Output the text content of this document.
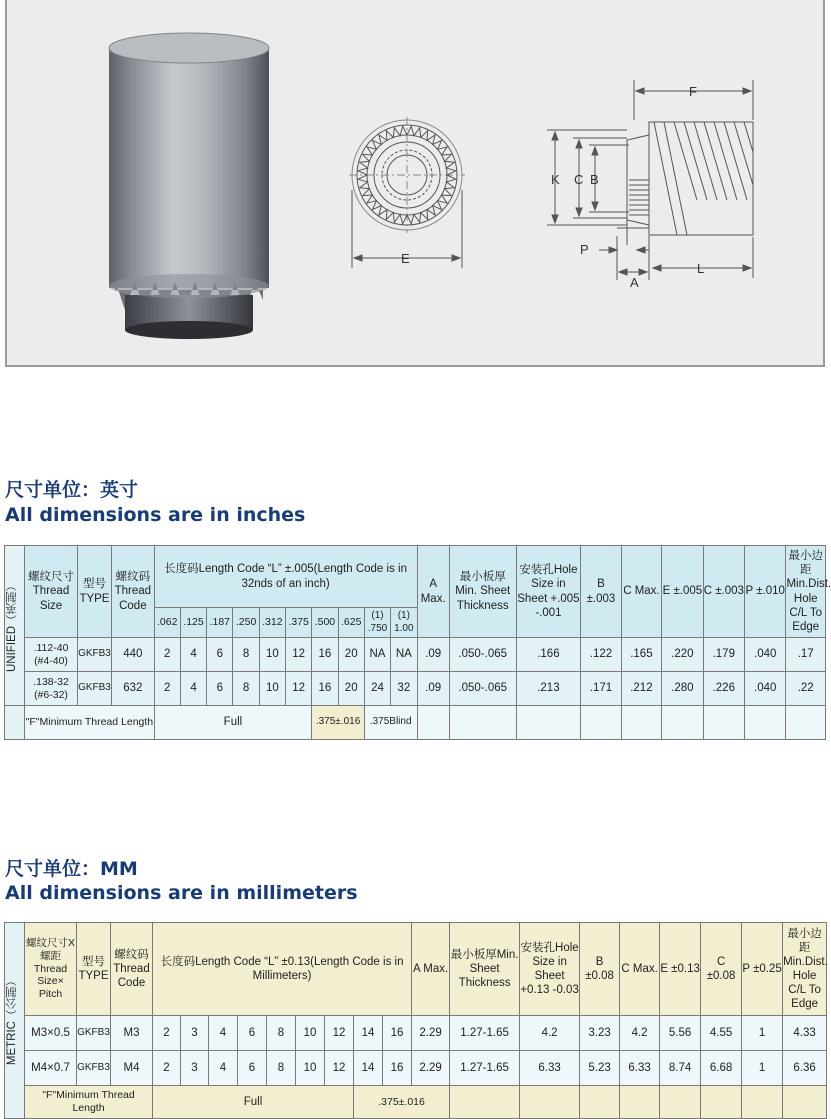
E
F
K C B
P
A
L
尺寸单位：英寸
All dimensions are in inches
UNIFIED（英制）	螺纹尺寸Thread Size	型号TYPE	螺纹码Thread Code	长度码Length Code “L” ±.005(Length Code is in 32nds of an inch)										A Max.	最小板厚Min. Sheet Thickness	安装孔Hole Size in Sheet +.005 -.001	B ±.003	C Max.	E ±.005	C ±.003	P ±.010	最小边距Min.Dist. Hole C/L To Edge
				.062	.125	.187	.250	.312	.375	.500	.625	(1) .750	(1) 1.00									
	.112-40 (#4-40)	GKFB3	440	2	4	6	8	10	12	16	20	NA	NA	.09	.050-.065	.166	.122	.165	.220	.179	.040	.17
	.138-32 (#6-32)	GKFB3	632	2	4	6	8	10	12	16	20	24	32	.09	.050-.065	.213	.171	.212	.280	.226	.040	.22
	"F"Minimum Thread Length			Full						.375±.016		.375Blind										
尺寸单位：MM
All dimensions are in millimeters
METRIC（公制）	螺纹尺寸X螺距Thread Size× Pitch	型号TYPE	螺纹码Thread Code	长度码Length Code “L” ±0.13(Length Code is in Millimeters)									A Max.	最小板厚Min. Sheet Thickness	安装孔Hole Size in Sheet +0.13 -0.03	B ±0.08	C Max.	E ±0.13	C ±0.08	P ±0.25	最小边距Min.Dist. Hole C/L To Edge	
	M3×0.5	GKFB3	M3	2	3	4	6	8	10	12	14	16	2.29	1.27-1.65	4.2	3.23	4.2	5.56	4.55	1	4.33	
	M4×0.7	GKFB3	M4	2	3	4	6	8	10	12	14	16	2.29	1.27-1.65	6.33	5.23	6.33	8.74	6.68	1	6.36	
	"F"Minimum Thread Length			Full							.375±.016											
